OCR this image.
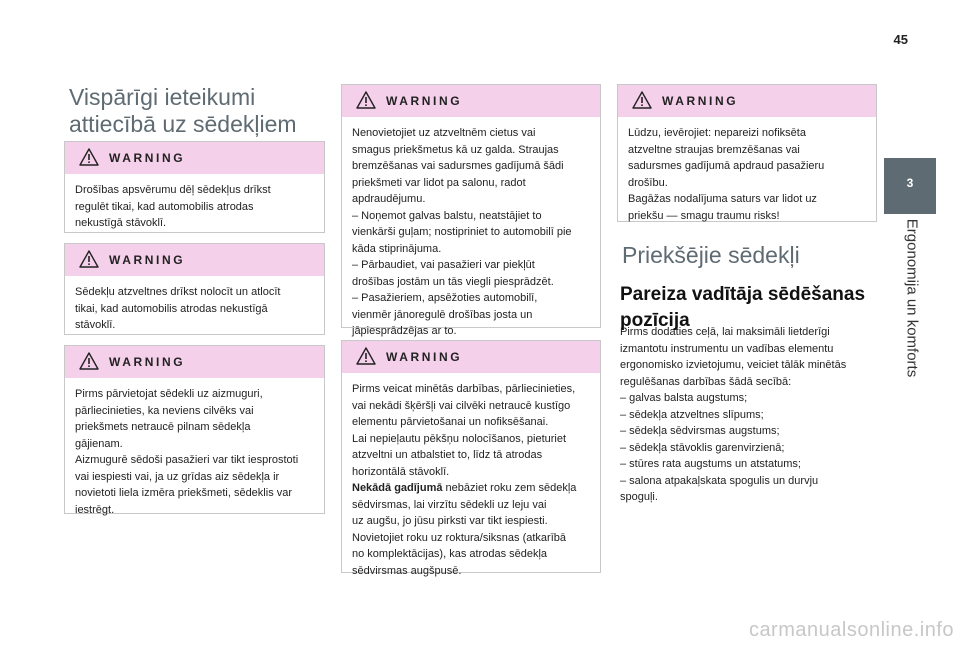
45
3
Ergonomija un komforts
Vispārīgi ieteikumi
attiecībā uz sēdekļiem
WARNING
Drošības apsvērumu dēļ sēdekļus drīkst
regulēt tikai, kad automobilis atrodas
nekustīgā stāvoklī.
WARNING
Sēdekļu atzveltnes drīkst nolocīt un atlocīt
tikai, kad automobilis atrodas nekustīgā
stāvoklī.
WARNING
Pirms pārvietojat sēdekli uz aizmuguri,
pārliecinieties, ka neviens cilvēks vai
priekšmets netraucē pilnam sēdekļa
gājienam.
Aizmugurē sēdoši pasažieri var tikt iesprostoti
vai iespiesti vai, ja uz grīdas aiz sēdekļa ir
novietoti liela izmēra priekšmeti, sēdeklis var
iestrēgt.
WARNING
Nenovietojiet uz atzveltnēm cietus vai
smagus priekšmetus kā uz galda. Straujas
bremzēšanas vai sadursmes gadījumā šādi
priekšmeti var lidot pa salonu, radot
apdraudējumu.
– Noņemot galvas balstu, neatstājiet to
vienkārši guļam; nostipriniet to automobilī pie
kāda stiprinājuma.
– Pārbaudiet, vai pasažieri var piekļūt
drošības jostām un tās viegli piesprādzēt.
– Pasažieriem, apsēžoties automobilī,
vienmēr jānoregulē drošības josta un
jāpiesprādzējas ar to.
WARNING
Pirms veicat minētās darbības, pārliecinieties,
vai nekādi šķēršļi vai cilvēki netraucē kustīgo
elementu pārvietošanai un nofiksēšanai.
Lai nepieļautu pēkšņu nolocīšanos, pieturiet
atzveltni un atbalstiet to, līdz tā atrodas
horizontālā stāvoklī.
Nekādā gadījumā nebāziet roku zem sēdekļa
sēdvirsmas, lai virzītu sēdekli uz leju vai
uz augšu, jo jūsu pirksti var tikt iespiesti.
Novietojiet roku uz roktura/siksnas (atkarībā
no komplektācijas), kas atrodas sēdekļa
sēdvirsmas augšpusē.
WARNING
Lūdzu, ievērojiet: nepareizi nofiksēta
atzveltne straujas bremzēšanas vai
sadursmes gadījumā apdraud pasažieru
drošību.
Bagāžas nodalījuma saturs var lidot uz
priekšu — smagu traumu risks!
Priekšējie sēdekļi
Pareiza vadītāja sēdēšanas
pozīcija
Pirms dodaties ceļā, lai maksimāli lietderīgi
izmantotu instrumentu un vadības elementu
ergonomisko izvietojumu, veiciet tālāk minētās
regulēšanas darbības šādā secībā:
– galvas balsta augstums;
– sēdekļa atzveltnes slīpums;
– sēdekļa sēdvirsmas augstums;
– sēdekļa stāvoklis garenvirzienā;
– stūres rata augstums un atstatums;
– salona atpakaļskata spogulis un durvju
spoguļi.
carmanualsonline.info
